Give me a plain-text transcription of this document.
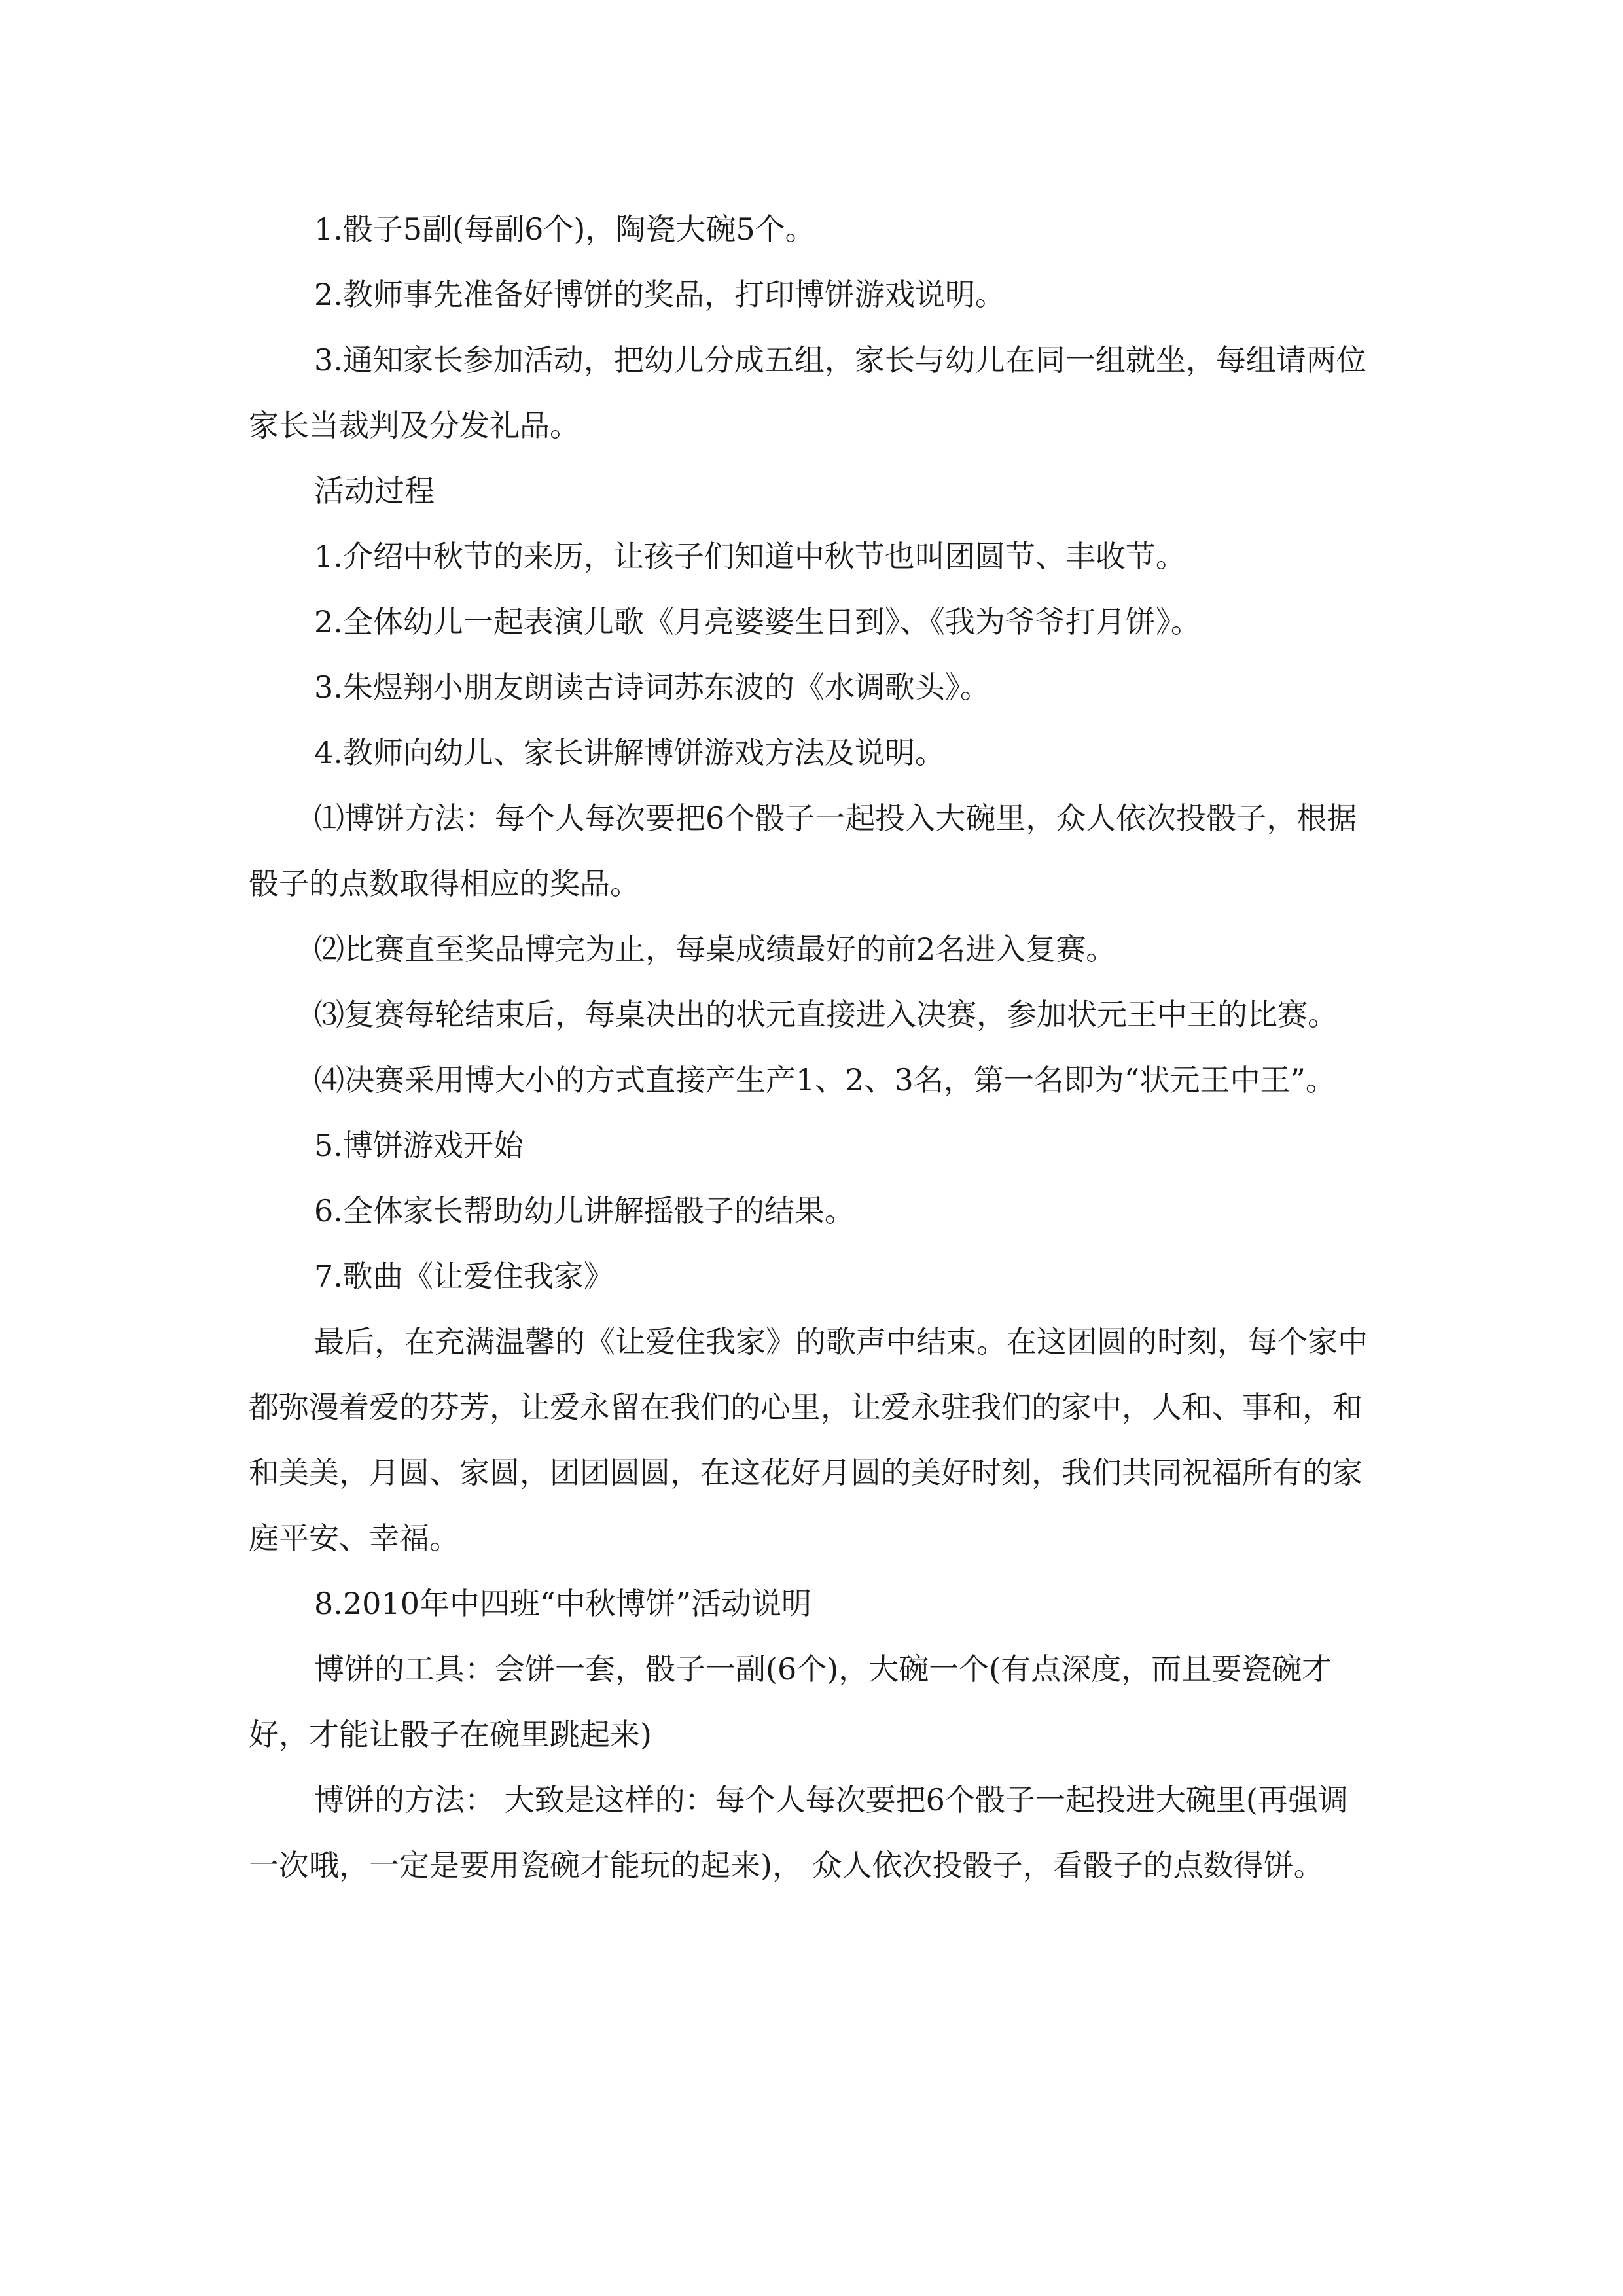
1.骰子5副(每副6个)，陶瓷大碗5个。

2.教师事先准备好博饼的奖品，打印博饼游戏说明。

3.通知家长参加活动，把幼儿分成五组，家长与幼儿在同一组就坐，每组请两位家长当裁判及分发礼品。

活动过程

1.介绍中秋节的来历，让孩子们知道中秋节也叫团圆节、丰收节。

2.全体幼儿一起表演儿歌《月亮婆婆生日到》、《我为爷爷打月饼》。

3.朱煜翔小朋友朗读古诗词苏东波的《水调歌头》。

4.教师向幼儿、家长讲解博饼游戏方法及说明。

⑴博饼方法：每个人每次要把6个骰子一起投入大碗里，众人依次投骰子，根据骰子的点数取得相应的奖品。

⑵比赛直至奖品博完为止，每桌成绩最好的前2名进入复赛。

⑶复赛每轮结束后，每桌决出的状元直接进入决赛，参加状元王中王的比赛。

⑷决赛采用博大小的方式直接产生产1、2、3名，第一名即为“状元王中王”。

5.博饼游戏开始

6.全体家长帮助幼儿讲解摇骰子的结果。

7.歌曲《让爱住我家》

最后，在充满温馨的《让爱住我家》的歌声中结束。在这团圆的时刻，每个家中都弥漫着爱的芬芳，让爱永留在我们的心里，让爱永驻我们的家中，人和、事和，和和美美，月圆、家圆，团团圆圆，在这花好月圆的美好时刻，我们共同祝福所有的家庭平安、幸福。

8.2010年中四班“中秋博饼”活动说明

博饼的工具：会饼一套，骰子一副(6个)，大碗一个(有点深度，而且要瓷碗才好，才能让骰子在碗里跳起来)

博饼的方法： 大致是这样的：每个人每次要把6个骰子一起投进大碗里(再强调一次哦，一定是要用瓷碗才能玩的起来)， 众人依次投骰子，看骰子的点数得饼。
